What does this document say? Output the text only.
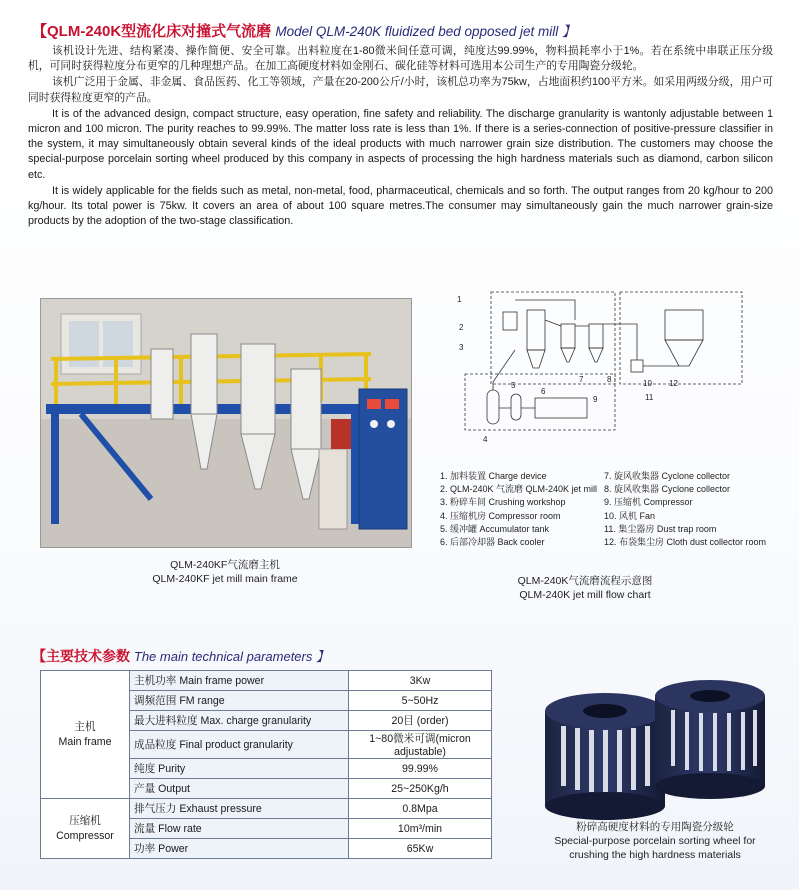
【QLM-240K型流化床对撞式气流磨 Model QLM-240K fluidized bed opposed jet mill 】

该机设计先进、结构紧凑、操作简便、安全可靠。出料粒度在1-80微米间任意可调，纯度达99.99%，物料损耗率小于1%。若在系统中串联正压分级机，可同时获得粒度分布更窄的几种理想产品。在加工高硬度材料如金刚石、碳化硅等材料可选用本公司生产的专用陶瓷分级轮。

该机广泛用于金属、非金属、食品医药、化工等领域，产量在20-200公斤/小时，该机总功率为75kw，占地面积约100平方米。如采用两级分级，用户可同时获得粒度更窄的产品。

It is of the advanced design, compact structure, easy operation, fine safety and reliability. The discharge granularity is wantonly adjustable between 1 micron and 100 micron. The purity reaches to 99.99%. The matter loss rate is less than 1%. If there is a series-connection of positive-pressure classifier in the system, it may simultaneously obtain several kinds of the ideal products with much narrower grain size distribution. The customers may choose the special-purpose porcelain sorting wheel produced by this company in aspects of processing the high hardness materials such as diamond, carbon silicon etc.

It is widely applicable for the fields such as metal, non-metal, food, pharmaceutical, chemicals and so forth. The output ranges from 20 kg/hour to 200 kg/hour. Its total power is 75kw. It covers an area of about 100 square metres.The consumer may simultaneously gain the much narrower grain-size products by the adoption of the two-stage classification.

QLM-240KF气流磨主机
QLM-240KF jet mill main frame
1
2
3
4
5
6
7	8
9
10
11
12
1. 加料装置 Charge device
2. QLM-240K 气流磨 QLM-240K jet mill
3. 粉碎车间 Crushing workshop
4. 压缩机房 Compressor room
5. 缓冲罐 Accumulator tank
6. 后部冷却器 Back cooler
7. 旋风收集器 Cyclone collector
8. 旋风收集器 Cyclone collector
9. 压缩机 Compressor
10. 风机 Fan
11. 集尘器房 Dust trap room
12. 布袋集尘房 Cloth dust collector room
QLM-240K气流磨流程示意图
QLM-240K jet mill flow chart
【主要技术参数 The main technical parameters 】
主机
Main frame	主机功率 Main frame power	3Kw
	调频范围 FM range	5~50Hz
	最大进料粒度 Max. charge granularity	20目 (order)
	成品粒度 Final product granularity	1~80微米可调(micron adjustable)
	纯度 Purity	99.99%
	产量 Output	25~250Kg/h

压缩机
Compressor	排气压力 Exhaust pressure	0.8Mpa
	流量 Flow rate	10m³/min
	功率 Power	65Kw
粉碎高硬度材料的专用陶瓷分级轮
Special-purpose porcelain sorting wheel for
crushing the high hardness materials
